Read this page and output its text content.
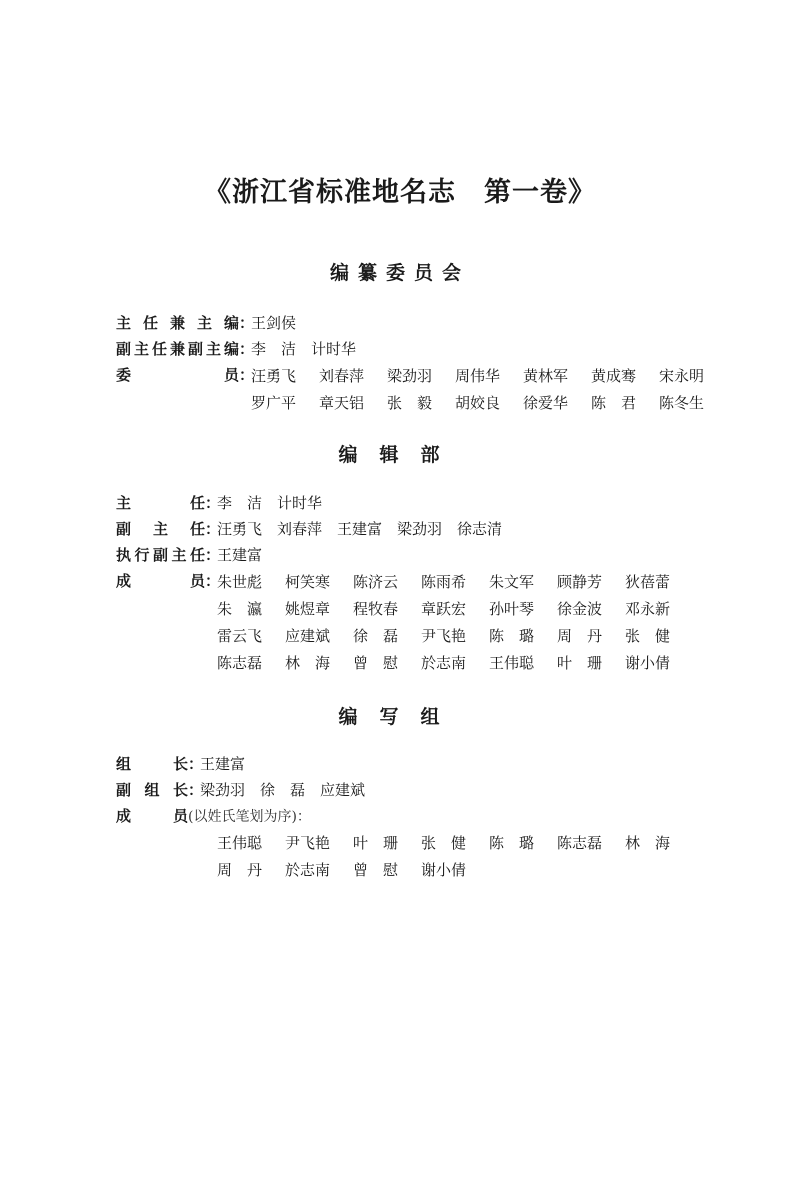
《浙江省标准地名志　第一卷》
编纂委员会
主任兼主编：王剑侯
副主任兼副主编：李　洁　计时华
委员：
汪勇飞 刘春萍 梁劲羽 周伟华 黄林军 黄成骞 宋永明
罗广平 章天铝 张　毅 胡姣良 徐爱华 陈　君 陈冬生
编辑部
主任：李　洁　计时华
副主任：汪勇飞　刘春萍　王建富　梁劲羽　徐志清
执行副主任：王建富
成员：
朱世彪 柯笑寒 陈济云 陈雨希 朱文军 顾静芳 狄蓓蕾
朱　瀛 姚煜章 程牧春 章跃宏 孙叶琴 徐金波 邓永新
雷云飞 应建斌 徐　磊 尹飞艳 陈　璐 周　丹 张　健
陈志磊 林　海 曾　慰 於志南 王伟聪 叶　珊 谢小倩
编写组
组长：王建富
副组长：梁劲羽　徐　磊　应建斌
成员(以姓氏笔划为序)：
王伟聪 尹飞艳 叶　珊 张　健 陈　璐 陈志磊 林　海
周　丹 於志南 曾　慰 谢小倩
